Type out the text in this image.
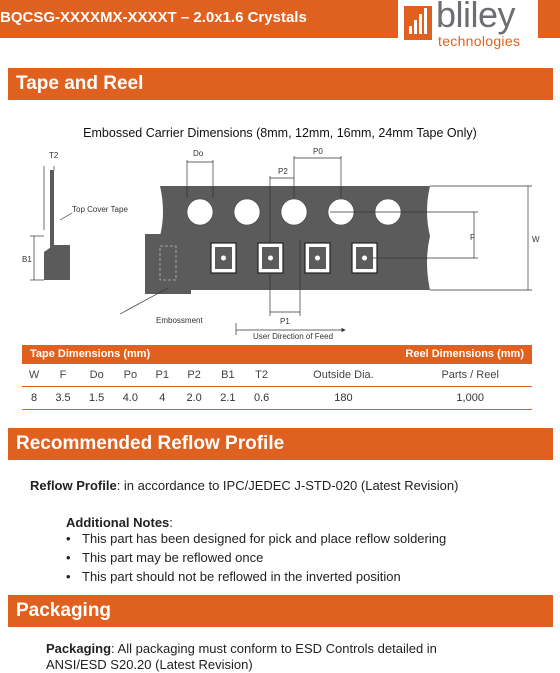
BQCSG-XXXXMX-XXXXT – 2.0x1.6 Crystals	bliley
technologies
Tape and Reel
Embossed Carrier Dimensions (8mm, 12mm, 16mm, 24mm Tape Only)
T2	Do	P0
P2
F	W
B1
P1
Top Cover Tape
Embossment
User Direction of Feed
Tape Dimensions (mm)								Reel Dimensions (mm)	
W	F	Do	Po	P1	P2	B1	T2	Outside Dia.	Parts / Reel
8	3.5	1.5	4.0	4	2.0	2.1	0.6	180	1,000
Recommended Reflow Profile
Reflow Profile: in accordance to IPC/JEDEC J-STD-020 (Latest Revision)
Additional Notes:
• This part has been designed for pick and place reflow soldering
• This part may be reflowed once
• This part should not be reflowed in the inverted position
Packaging
Packaging: All packaging must conform to ESD Controls detailed in
ANSI/ESD S20.20 (Latest Revision)
